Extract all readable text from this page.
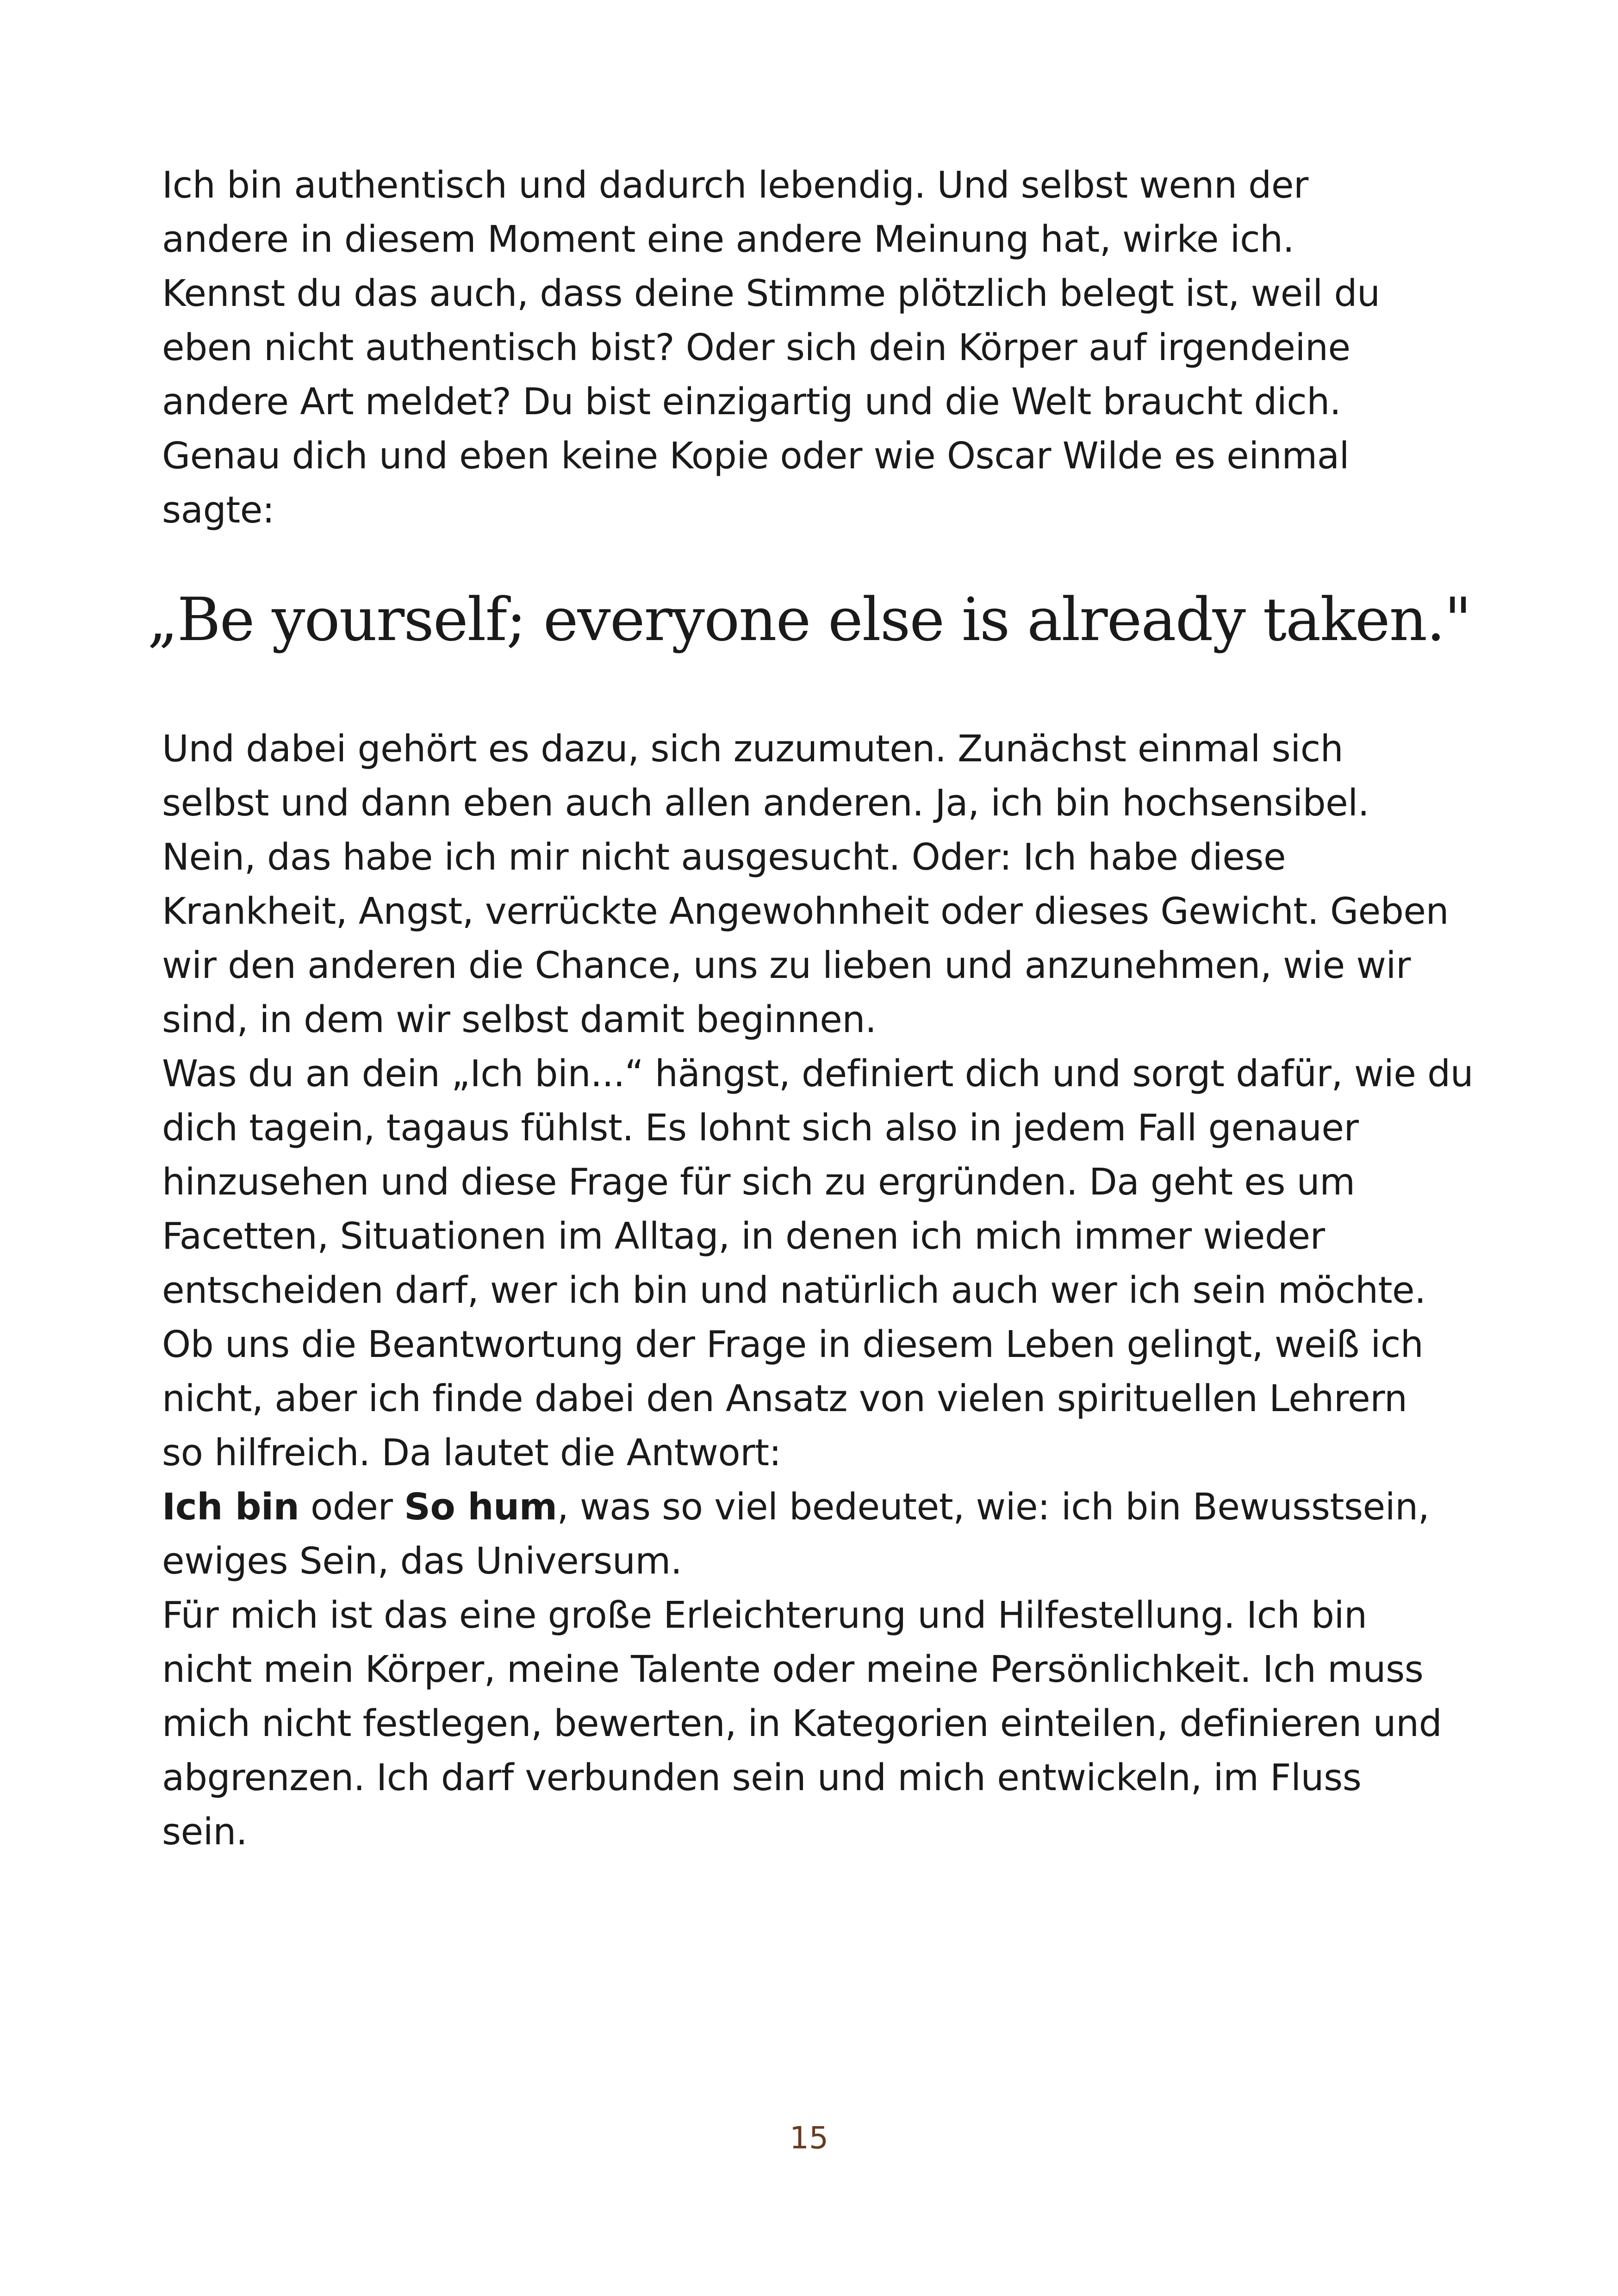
Ich bin authentisch und dadurch lebendig. Und selbst wenn der
andere in diesem Moment eine andere Meinung hat, wirke ich.
Kennst du das auch, dass deine Stimme plötzlich belegt ist, weil du
eben nicht authentisch bist? Oder sich dein Körper auf irgendeine
andere Art meldet? Du bist einzigartig und die Welt braucht dich.
Genau dich und eben keine Kopie oder wie Oscar Wilde es einmal
sagte:
„Be yourself; everyone else is already taken."
Und dabei gehört es dazu, sich zuzumuten. Zunächst einmal sich
selbst und dann eben auch allen anderen. Ja, ich bin hochsensibel.
Nein, das habe ich mir nicht ausgesucht. Oder: Ich habe diese
Krankheit, Angst, verrückte Angewohnheit oder dieses Gewicht. Geben
wir den anderen die Chance, uns zu lieben und anzunehmen, wie wir
sind, in dem wir selbst damit beginnen.
Was du an dein „Ich bin...“ hängst, definiert dich und sorgt dafür, wie du
dich tagein, tagaus fühlst. Es lohnt sich also in jedem Fall genauer
hinzusehen und diese Frage für sich zu ergründen. Da geht es um
Facetten, Situationen im Alltag, in denen ich mich immer wieder
entscheiden darf, wer ich bin und natürlich auch wer ich sein möchte.
Ob uns die Beantwortung der Frage in diesem Leben gelingt, weiß ich
nicht, aber ich finde dabei den Ansatz von vielen spirituellen Lehrern
so hilfreich. Da lautet die Antwort:
Ich bin oder So hum, was so viel bedeutet, wie: ich bin Bewusstsein,
ewiges Sein, das Universum.
Für mich ist das eine große Erleichterung und Hilfestellung. Ich bin
nicht mein Körper, meine Talente oder meine Persönlichkeit. Ich muss
mich nicht festlegen, bewerten, in Kategorien einteilen, definieren und
abgrenzen. Ich darf verbunden sein und mich entwickeln, im Fluss
sein.
15
